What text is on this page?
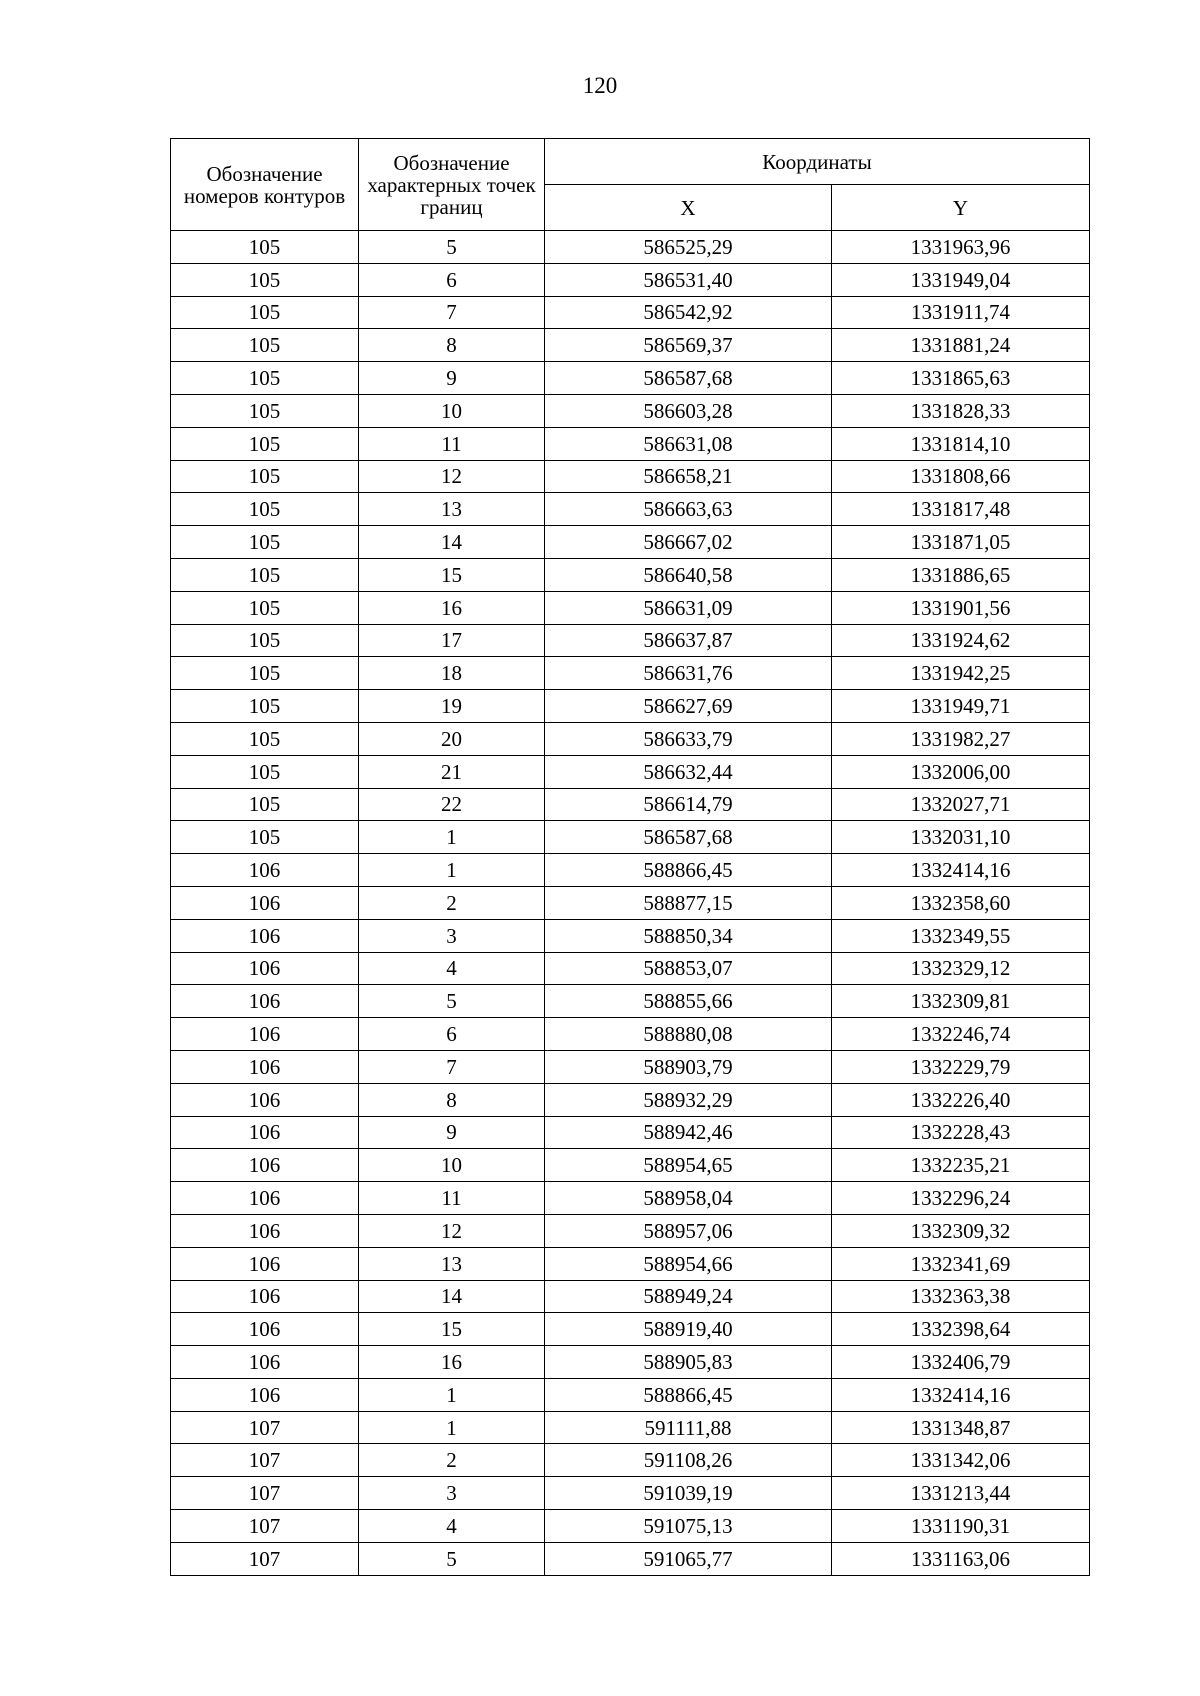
120
Обозначение номеров контуров	Обозначение характерных точек границ	Координаты	
		X	Y
105	5	586525,29	1331963,96
105	6	586531,40	1331949,04
105	7	586542,92	1331911,74
105	8	586569,37	1331881,24
105	9	586587,68	1331865,63
105	10	586603,28	1331828,33
105	11	586631,08	1331814,10
105	12	586658,21	1331808,66
105	13	586663,63	1331817,48
105	14	586667,02	1331871,05
105	15	586640,58	1331886,65
105	16	586631,09	1331901,56
105	17	586637,87	1331924,62
105	18	586631,76	1331942,25
105	19	586627,69	1331949,71
105	20	586633,79	1331982,27
105	21	586632,44	1332006,00
105	22	586614,79	1332027,71
105	1	586587,68	1332031,10
106	1	588866,45	1332414,16
106	2	588877,15	1332358,60
106	3	588850,34	1332349,55
106	4	588853,07	1332329,12
106	5	588855,66	1332309,81
106	6	588880,08	1332246,74
106	7	588903,79	1332229,79
106	8	588932,29	1332226,40
106	9	588942,46	1332228,43
106	10	588954,65	1332235,21
106	11	588958,04	1332296,24
106	12	588957,06	1332309,32
106	13	588954,66	1332341,69
106	14	588949,24	1332363,38
106	15	588919,40	1332398,64
106	16	588905,83	1332406,79
106	1	588866,45	1332414,16
107	1	591111,88	1331348,87
107	2	591108,26	1331342,06
107	3	591039,19	1331213,44
107	4	591075,13	1331190,31
107	5	591065,77	1331163,06
